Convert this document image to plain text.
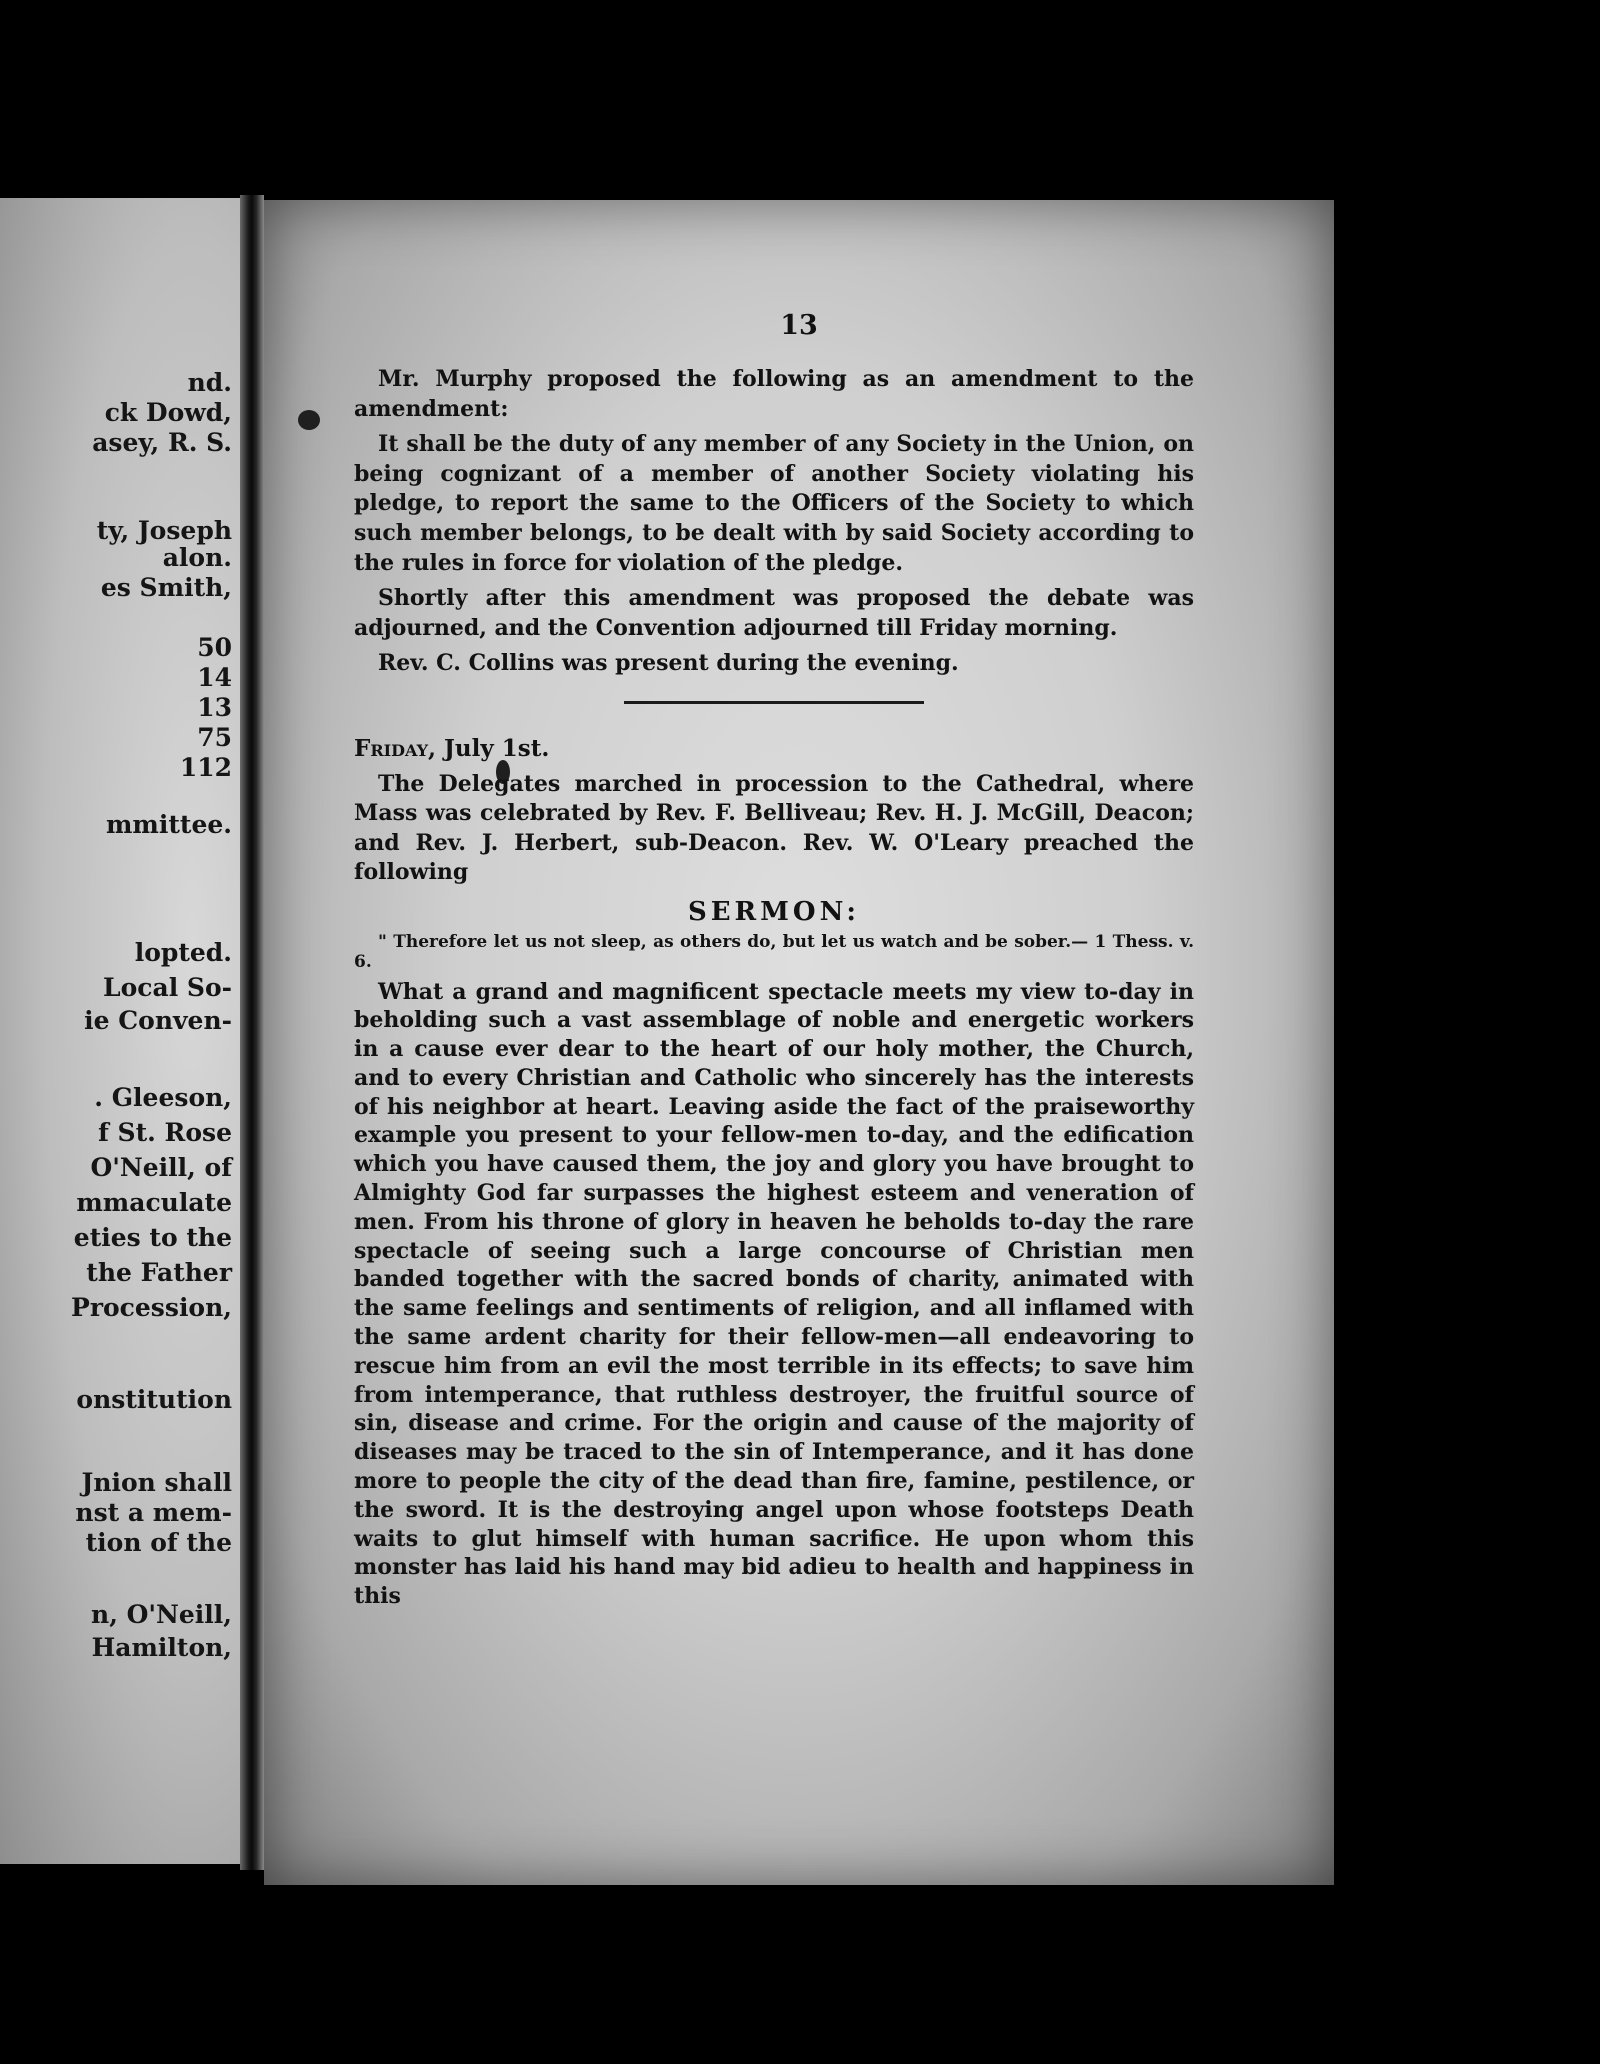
nd.

ck Dowd,

asey, R. S.

ty, Joseph

alon.

es Smith,

50

14

13

75

112

mmittee.

lopted.

Local So-

ie Conven-

. Gleeson,

f St. Rose

O'Neill, of

mmaculate

eties to the

the Father

Procession,

onstitution

Jnion shall

nst a mem-

tion of the

n, O'Neill,

Hamilton,

13

Mr. Murphy proposed the following as an amendment to the amendment:

It shall be the duty of any member of any Society in the Union, on being cognizant of a member of another Society violating his pledge, to report the same to the Officers of the Society to which such member belongs, to be dealt with by said Society according to the rules in force for violation of the pledge.

Shortly after this amendment was proposed the debate was adjourned, and the Convention adjourned till Friday morning.

Rev. C. Collins was present during the evening.

Friday, July 1st.

The Delegates marched in procession to the Cathedral, where Mass was celebrated by Rev. F. Belliveau; Rev. H. J. McGill, Deacon; and Rev. J. Herbert, sub-Deacon. Rev. W. O'Leary preached the following

SERMON:

" Therefore let us not sleep, as others do, but let us watch and be sober.— 1 Thess. v. 6.

What a grand and magnificent spectacle meets my view to-day in beholding such a vast assemblage of noble and energetic workers in a cause ever dear to the heart of our holy mother, the Church, and to every Christian and Catholic who sincerely has the interests of his neighbor at heart. Leaving aside the fact of the praiseworthy example you present to your fellow-men to-day, and the edification which you have caused them, the joy and glory you have brought to Almighty God far surpasses the highest esteem and veneration of men. From his throne of glory in heaven he beholds to-day the rare spectacle of seeing such a large concourse of Christian men banded together with the sacred bonds of charity, animated with the same feelings and sentiments of religion, and all inflamed with the same ardent charity for their fellow-men—all endeavoring to rescue him from an evil the most terrible in its effects; to save him from intemperance, that ruthless destroyer, the fruitful source of sin, disease and crime. For the origin and cause of the majority of diseases may be traced to the sin of Intemperance, and it has done more to people the city of the dead than fire, famine, pestilence, or the sword. It is the destroying angel upon whose footsteps Death waits to glut himself with human sacrifice. He upon whom this monster has laid his hand may bid adieu to health and happiness in this
